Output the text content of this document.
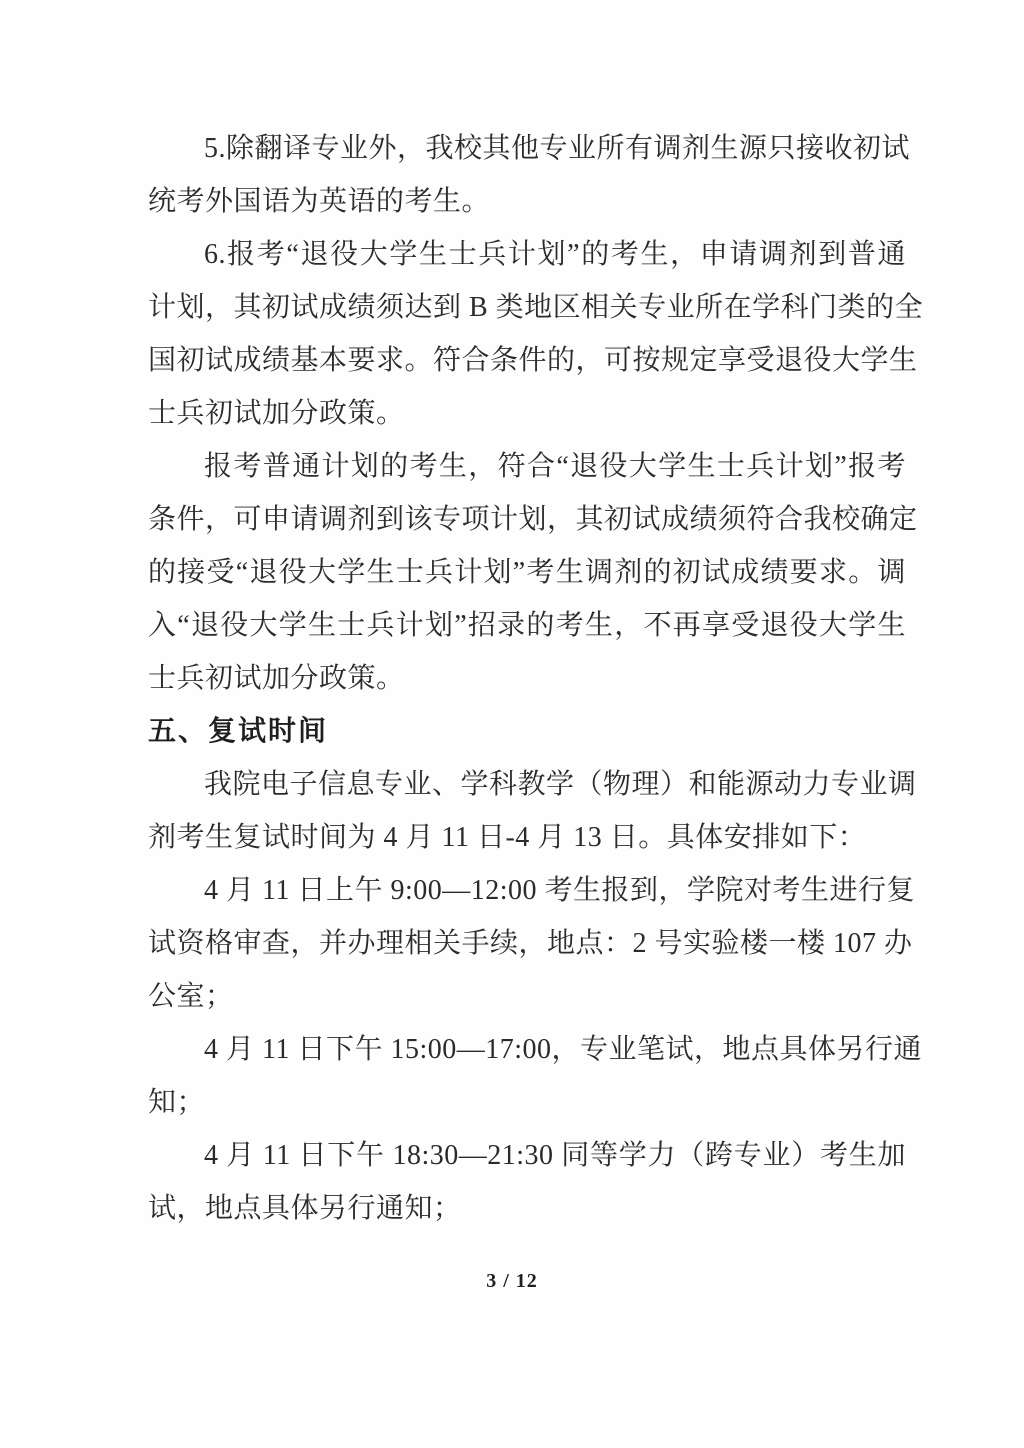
5.除翻译专业外，我校其他专业所有调剂生源只接收初试
统考外国语为英语的考生。
6.报考“退役大学生士兵计划”的考生，申请调剂到普通
计划，其初试成绩须达到 B 类地区相关专业所在学科门类的全
国初试成绩基本要求。符合条件的，可按规定享受退役大学生
士兵初试加分政策。
报考普通计划的考生，符合“退役大学生士兵计划”报考
条件，可申请调剂到该专项计划，其初试成绩须符合我校确定
的接受“退役大学生士兵计划”考生调剂的初试成绩要求。调
入“退役大学生士兵计划”招录的考生，不再享受退役大学生
士兵初试加分政策。
五、复试时间
我院电子信息专业、学科教学（物理）和能源动力专业调
剂考生复试时间为 4 月 11 日-4 月 13 日。具体安排如下：
4 月 11 日上午 9:00—12:00 考生报到，学院对考生进行复
试资格审查，并办理相关手续，地点：2 号实验楼一楼 107 办
公室；
4 月 11 日下午 15:00—17:00，专业笔试，地点具体另行通
知；
4 月 11 日下午 18:30—21:30 同等学力（跨专业）考生加
试，地点具体另行通知；
3 / 12
